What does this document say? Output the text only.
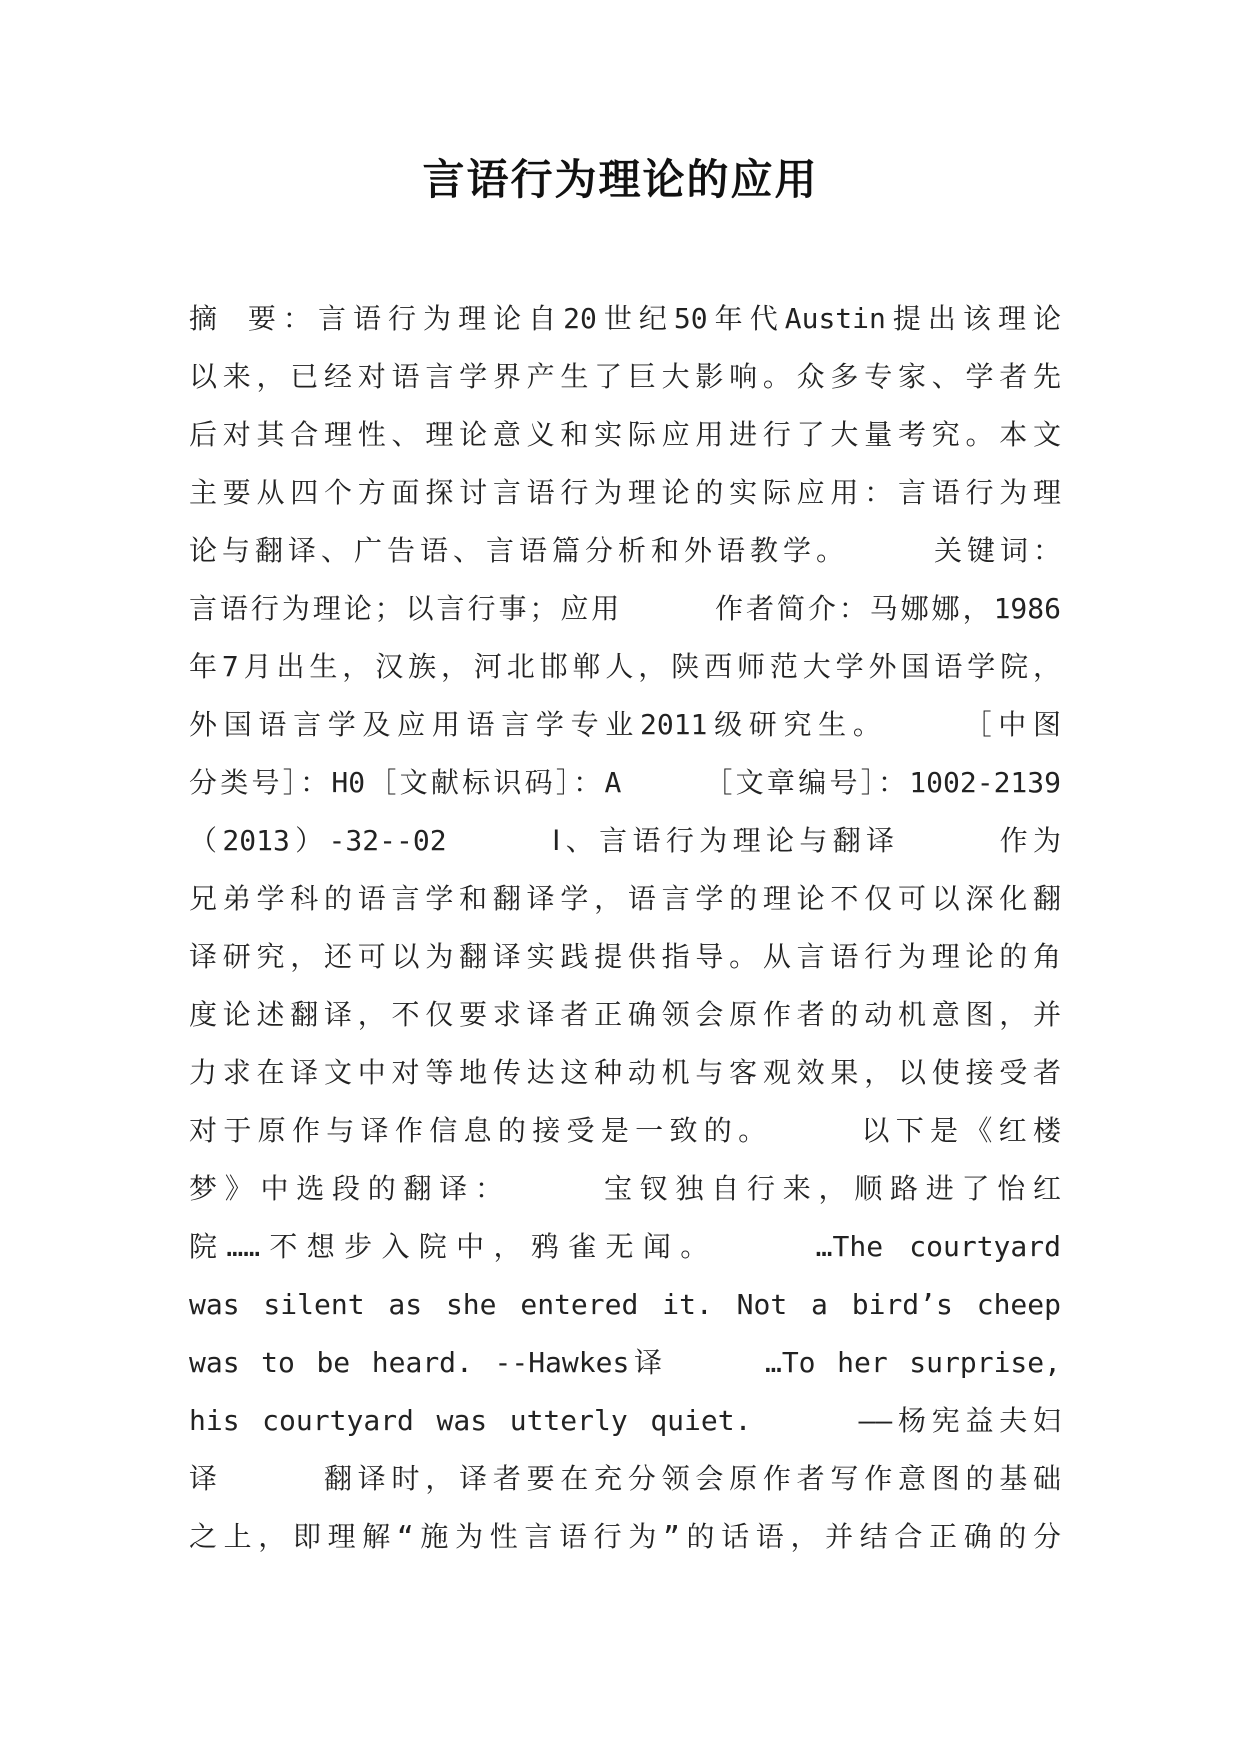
言语行为理论的应用
摘 要：言语行为理论自20世纪50年代Austin提出该理论
以来，已经对语言学界产生了巨大影响。众多专家、学者先
后对其合理性、理论意义和实际应用进行了大量考究。本文
主要从四个方面探讨言语行为理论的实际应用：言语行为理
论与翻译、广告语、言语篇分析和外语教学。　　　关键词：
言语行为理论；以言行事；应用　　　作者简介：马娜娜，1986
年7月出生，汉族，河北邯郸人，陕西师范大学外国语学院，
外国语言学及应用语言学专业2011级研究生。　　　［中图
分类号］：H0［文献标识码］：A　　　［文章编号］：1002-2139
（2013）-32--02　　　Ⅰ、言语行为理论与翻译　　　作为
兄弟学科的语言学和翻译学，语言学的理论不仅可以深化翻
译研究，还可以为翻译实践提供指导。从言语行为理论的角
度论述翻译，不仅要求译者正确领会原作者的动机意图，并
力求在译文中对等地传达这种动机与客观效果，以使接受者
对于原作与译作信息的接受是一致的。　　　以下是《红楼
梦》中选段的翻译：　　　宝钗独自行来，顺路进了怡红
院……不想步入院中，鸦雀无闻。　　　…The courtyard
was silent as she entered it. Not a bird’s cheep
was to be heard. --Hawkes译　　　…To her surprise,
his courtyard was utterly quiet.　　　——杨宪益夫妇
译　　　翻译时，译者要在充分领会原作者写作意图的基础
之上，即理解“施为性言语行为”的话语，并结合正确的分
